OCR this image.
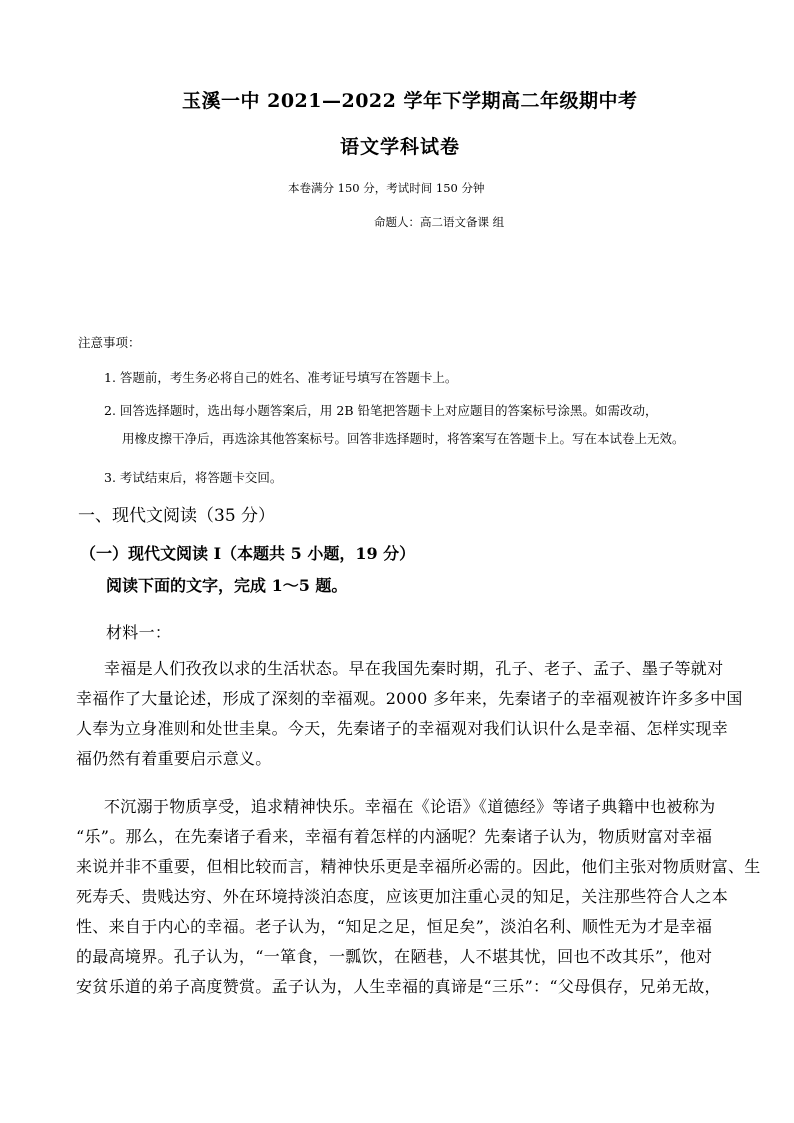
玉溪一中 2021—2022 学年下学期高二年级期中考
语文学科试卷
本卷满分 150 分，考试时间 150 分钟
命题人：高二语文备课 组
注意事项：
1. 答题前，考生务必将自己的姓名、准考证号填写在答题卡上。
2. 回答选择题时，选出每小题答案后，用 2B 铅笔把答题卡上对应题目的答案标号涂黑。如需改动，
用橡皮擦干净后，再选涂其他答案标号。回答非选择题时，将答案写在答题卡上。写在本试卷上无效。
3. 考试结束后，将答题卡交回。
一、现代文阅读（35 分）
（一）现代文阅读 I（本题共 5 小题，19 分）
阅读下面的文字，完成 1～5 题。
材料一：
幸福是人们孜孜以求的生活状态。早在我国先秦时期，孔子、老子、孟子、墨子等就对
幸福作了大量论述，形成了深刻的幸福观。2000 多年来，先秦诸子的幸福观被许许多多中国
人奉为立身准则和处世圭臬。今天，先秦诸子的幸福观对我们认识什么是幸福、怎样实现幸
福仍然有着重要启示意义。
不沉溺于物质享受，追求精神快乐。幸福在《论语》《道德经》等诸子典籍中也被称为
“乐”。那么，在先秦诸子看来，幸福有着怎样的内涵呢？先秦诸子认为，物质财富对幸福
来说并非不重要，但相比较而言，精神快乐更是幸福所必需的。因此，他们主张对物质财富、生
死寿夭、贵贱达穷、外在环境持淡泊态度，应该更加注重心灵的知足，关注那些符合人之本
性、来自于内心的幸福。老子认为，“知足之足，恒足矣”，淡泊名利、顺性无为才是幸福
的最高境界。孔子认为，“一箪食，一瓢饮，在陋巷，人不堪其忧，回也不改其乐”，他对
安贫乐道的弟子高度赞赏。孟子认为，人生幸福的真谛是“三乐”：“父母俱存，兄弟无故，
